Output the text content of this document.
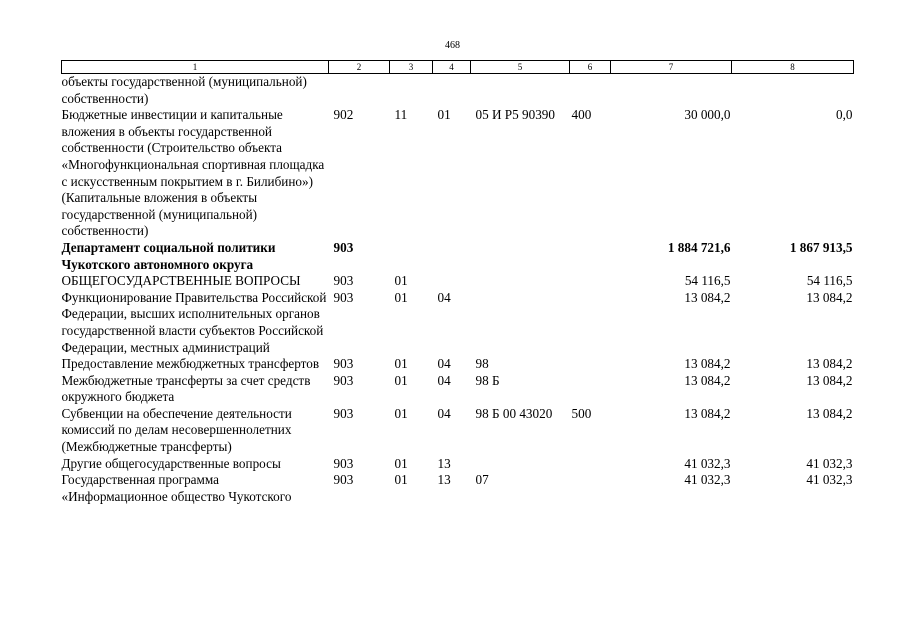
468
1	2	3	4	5	6	7	8
объекты государственной (муниципальной) собственности)							
Бюджетные инвестиции и капитальные вложения в объекты государственной собственности (Строительство объекта «Многофункциональная спортивная площадка с искусственным покрытием в г. Билибино») (Капитальные вложения в объекты государственной (муниципальной) собственности)	902	11	01	05 И Р5 90390	400	30 000,0	0,0
Департамент социальной политики Чукотского автономного округа	903					1 884 721,6	1 867 913,5
ОБЩЕГОСУДАРСТВЕННЫЕ ВОПРОСЫ	903	01				54 116,5	54 116,5
Функционирование Правительства Российской Федерации, высших исполнительных органов государственной власти субъектов Российской Федерации, местных администраций	903	01	04			13 084,2	13 084,2
Предоставление межбюджетных трансфертов	903	01	04	98		13 084,2	13 084,2
Межбюджетные трансферты за счет средств окружного бюджета	903	01	04	98 Б		13 084,2	13 084,2
Субвенции на обеспечение деятельности комиссий по делам несовершеннолетних (Межбюджетные трансферты)	903	01	04	98 Б 00 43020	500	13 084,2	13 084,2
Другие общегосударственные вопросы	903	01	13			41 032,3	41 032,3
Государственная программа «Информационное общество Чукотского	903	01	13	07		41 032,3	41 032,3
